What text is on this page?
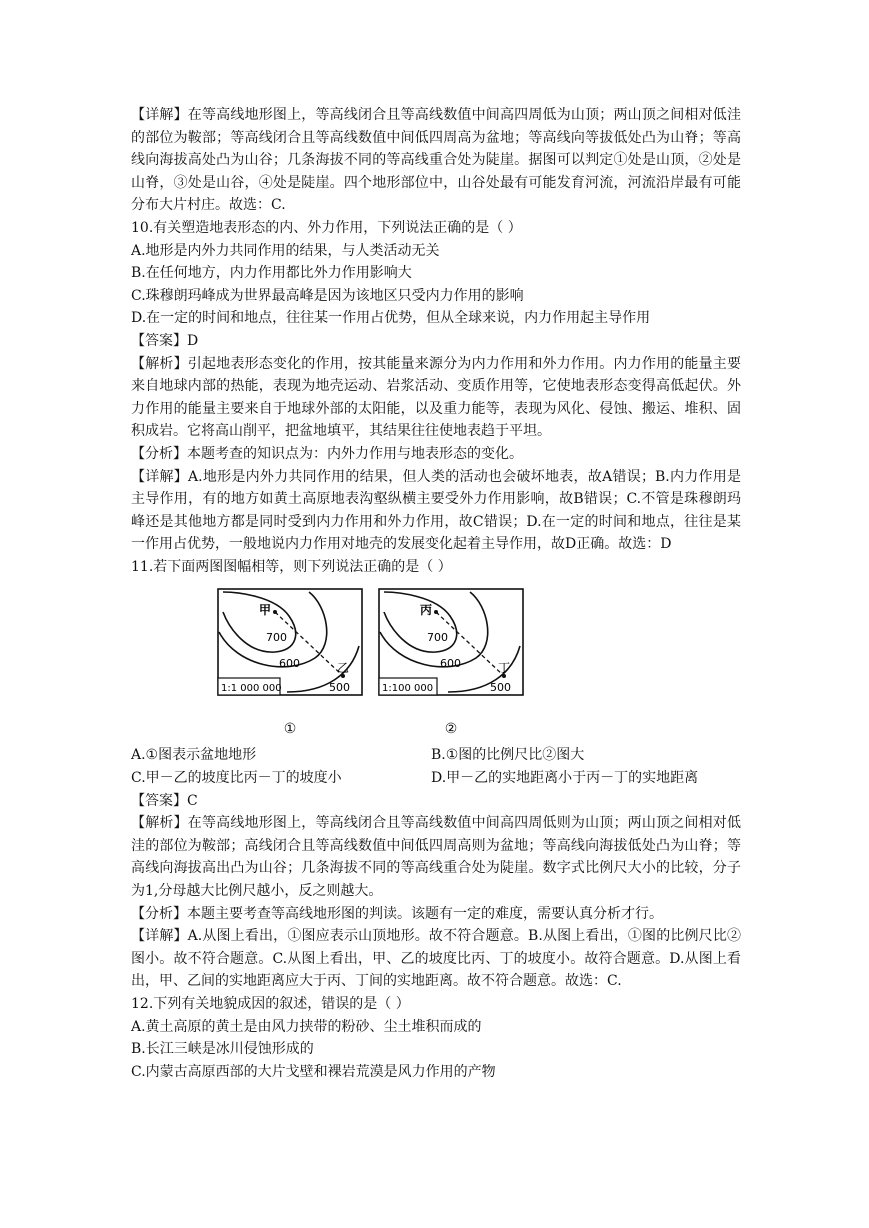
【详解】在等高线地形图上，等高线闭合且等高线数值中间高四周低为山顶；两山顶之间相对低洼的部位为鞍部；等高线闭合且等高线数值中间低四周高为盆地；等高线向等拔低处凸为山脊；等高线向海拔高处凸为山谷；几条海拔不同的等高线重合处为陡崖。据图可以判定①处是山顶，②处是山脊，③处是山谷，④处是陡崖。四个地形部位中，山谷处最有可能发育河流，河流沿岸最有可能分布大片村庄。故选：C.

10.有关塑造地表形态的内、外力作用，下列说法正确的是（ ）

A.地形是内外力共同作用的结果，与人类活动无关

B.在任何地方，内力作用都比外力作用影响大

C.珠穆朗玛峰成为世界最高峰是因为该地区只受内力作用的影响

D.在一定的时间和地点，往往某一作用占优势，但从全球来说，内力作用起主导作用

【答案】D

【解析】引起地表形态变化的作用，按其能量来源分为内力作用和外力作用。内力作用的能量主要来自地球内部的热能，表现为地壳运动、岩浆活动、变质作用等，它使地表形态变得高低起伏。外力作用的能量主要来自于地球外部的太阳能，以及重力能等，表现为风化、侵蚀、搬运、堆积、固积成岩。它将高山削平，把盆地填平，其结果往往使地表趋于平坦。

【分析】本题考查的知识点为：内外力作用与地表形态的变化。

【详解】A.地形是内外力共同作用的结果，但人类的活动也会破坏地表，故A错误；B.内力作用是主导作用，有的地方如黄土高原地表沟壑纵横主要受外力作用影响，故B错误；C.不管是珠穆朗玛峰还是其他地方都是同时受到内力作用和外力作用，故C错误；D.在一定的时间和地点，往往是某一作用占优势，一般地说内力作用对地壳的发展变化起着主导作用，故D正确。故选：D

11.若下面两图图幅相等，则下列说法正确的是（ ）

甲
乙
700
600
500
1:1 000 000
①
丙
丁
700
600
500
1:100 000
②
A.①图表示盆地地形	B.①图的比例尺比②图大
C.甲－乙的坡度比丙－丁的坡度小	D.甲－乙的实地距离小于丙－丁的实地距离

【答案】C

【解析】在等高线地形图上，等高线闭合且等高线数值中间高四周低则为山顶；两山顶之间相对低洼的部位为鞍部；高线闭合且等高线数值中间低四周高则为盆地；等高线向海拔低处凸为山脊；等高线向海拔高出凸为山谷；几条海拔不同的等高线重合处为陡崖。数字式比例尺大小的比较，分子为1,分母越大比例尺越小，反之则越大。

【分析】本题主要考查等高线地形图的判读。该题有一定的难度，需要认真分析才行。

【详解】A.从图上看出，①图应表示山顶地形。故不符合题意。B.从图上看出，①图的比例尺比②图小。故不符合题意。C.从图上看出，甲、乙的坡度比丙、丁的坡度小。故符合题意。D.从图上看出，甲、乙间的实地距离应大于丙、丁间的实地距离。故不符合题意。故选：C.

12.下列有关地貌成因的叙述，错误的是（ ）

A.黄土高原的黄土是由风力挟带的粉砂、尘土堆积而成的

B.长江三峡是冰川侵蚀形成的

C.内蒙古高原西部的大片戈壁和裸岩荒漠是风力作用的产物
